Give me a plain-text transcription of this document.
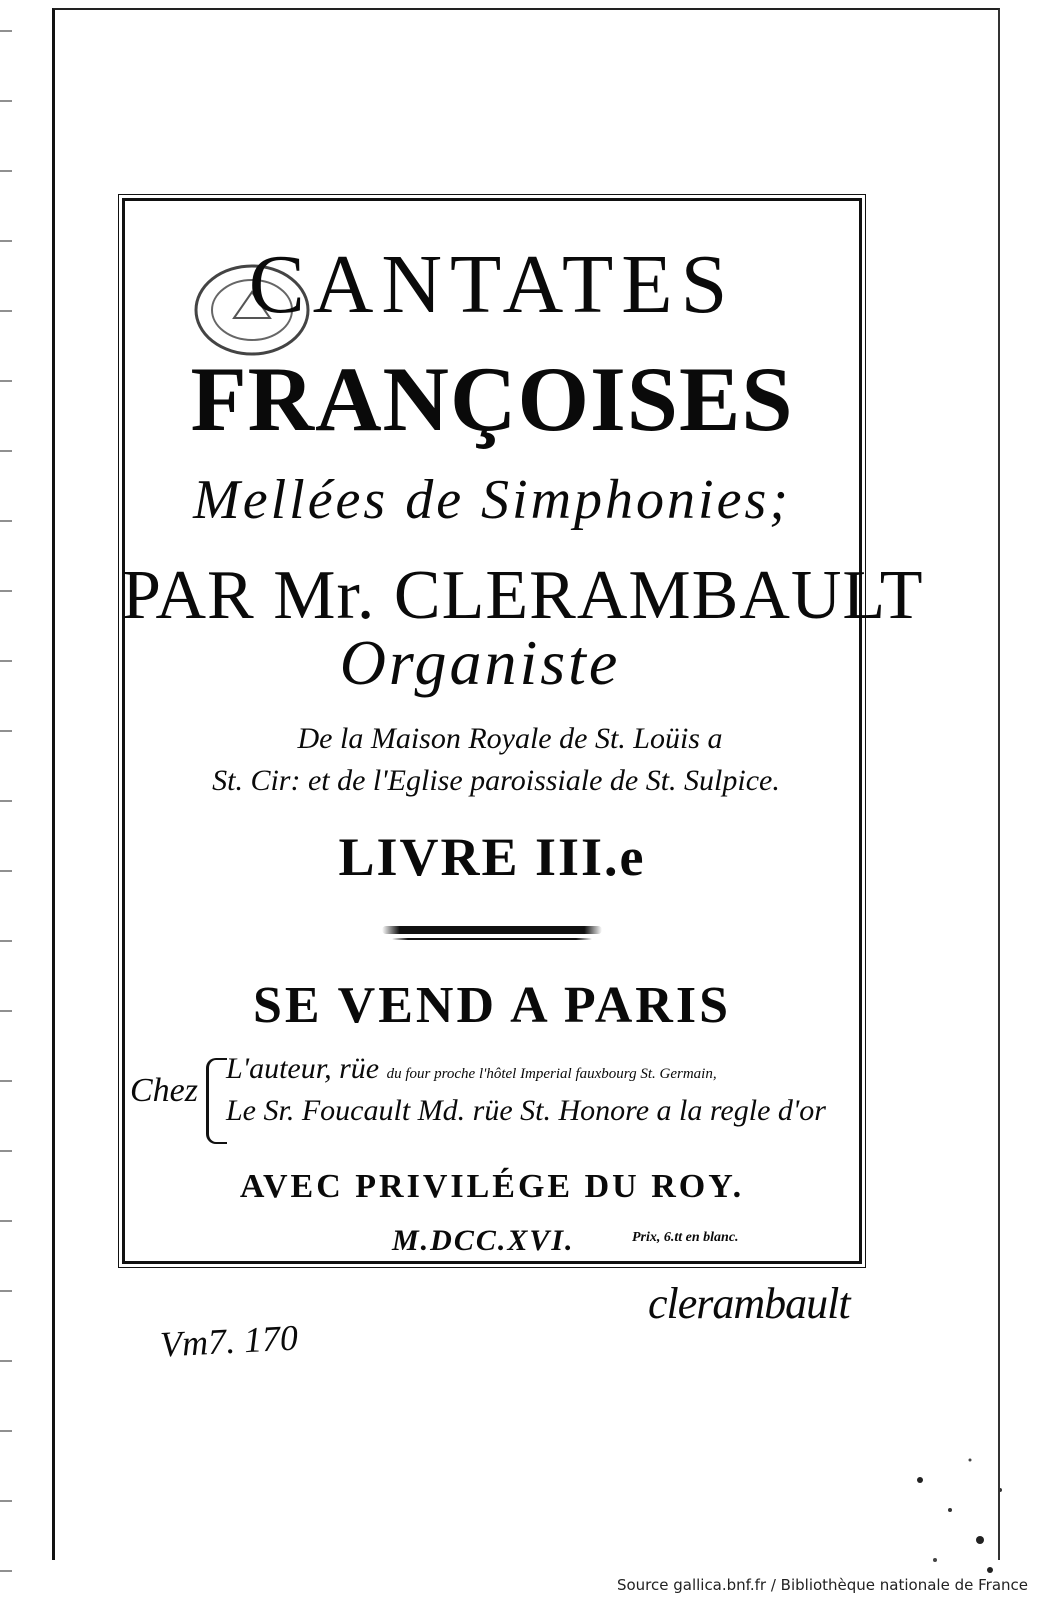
CANTATES
FRANÇOISES
Mellées de Simphonies;
PAR Mr. CLERAMBAULT
Organiste
De la Maison Royale de St. Loüis a
St. Cir: et de l'Eglise paroissiale de St. Sulpice.
LIVRE III.e
SE VEND A PARIS
Chez
L'auteur, rüe du four proche l'hôtel Imperial fauxbourg St. Germain,
Le Sr. Foucault Md. rüe St. Honore a la regle d'or
AVEC PRIVILÉGE DU ROY.
M.DCC.XVI.	Prix, 6.tt en blanc.
clerambault
Vm7. 170
Source gallica.bnf.fr / Bibliothèque nationale de France
